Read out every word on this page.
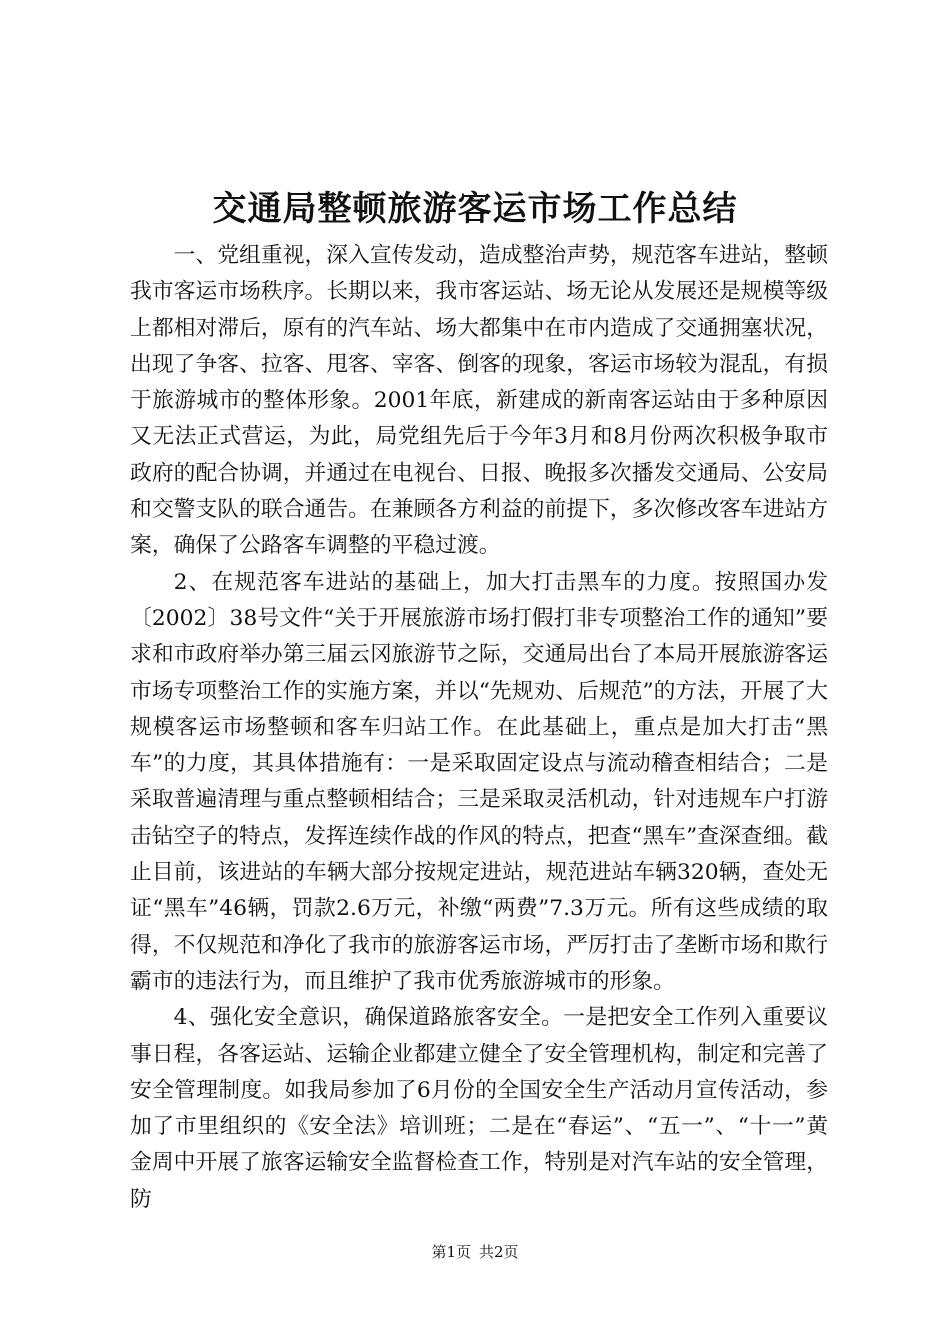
交通局整顿旅游客运市场工作总结

一、党组重视，深入宣传发动，造成整治声势，规范客车进站，整顿我市客运市场秩序。长期以来，我市客运站、场无论从发展还是规模等级上都相对滞后，原有的汽车站、场大都集中在市内造成了交通拥塞状况，出现了争客、拉客、甩客、宰客、倒客的现象，客运市场较为混乱，有损于旅游城市的整体形象。2001年底，新建成的新南客运站由于多种原因又无法正式营运，为此，局党组先后于今年3月和8月份两次积极争取市政府的配合协调，并通过在电视台、日报、晚报多次播发交通局、公安局和交警支队的联合通告。在兼顾各方利益的前提下，多次修改客车进站方案，确保了公路客车调整的平稳过渡。

2、在规范客车进站的基础上，加大打击黑车的力度。按照国办发〔2002〕38号文件“关于开展旅游市场打假打非专项整治工作的通知”要求和市政府举办第三届云冈旅游节之际，交通局出台了本局开展旅游客运市场专项整治工作的实施方案，并以“先规劝、后规范”的方法，开展了大规模客运市场整顿和客车归站工作。在此基础上，重点是加大打击“黑车”的力度，其具体措施有：一是采取固定设点与流动稽查相结合；二是采取普遍清理与重点整顿相结合；三是采取灵活机动，针对违规车户打游击钻空子的特点，发挥连续作战的作风的特点，把查“黑车”查深查细。截止目前，该进站的车辆大部分按规定进站，规范进站车辆320辆，查处无证“黑车”46辆，罚款2.6万元，补缴“两费”7.3万元。所有这些成绩的取得，不仅规范和净化了我市的旅游客运市场，严厉打击了垄断市场和欺行霸市的违法行为，而且维护了我市优秀旅游城市的形象。

4、强化安全意识，确保道路旅客安全。一是把安全工作列入重要议事日程，各客运站、运输企业都建立健全了安全管理机构，制定和完善了安全管理制度。如我局参加了6月份的全国安全生产活动月宣传活动，参加了市里组织的《安全法》培训班；二是在“春运”、“五一”、“十一”黄金周中开展了旅客运输安全监督检查工作，特别是对汽车站的安全管理，防

第1页 共2页
